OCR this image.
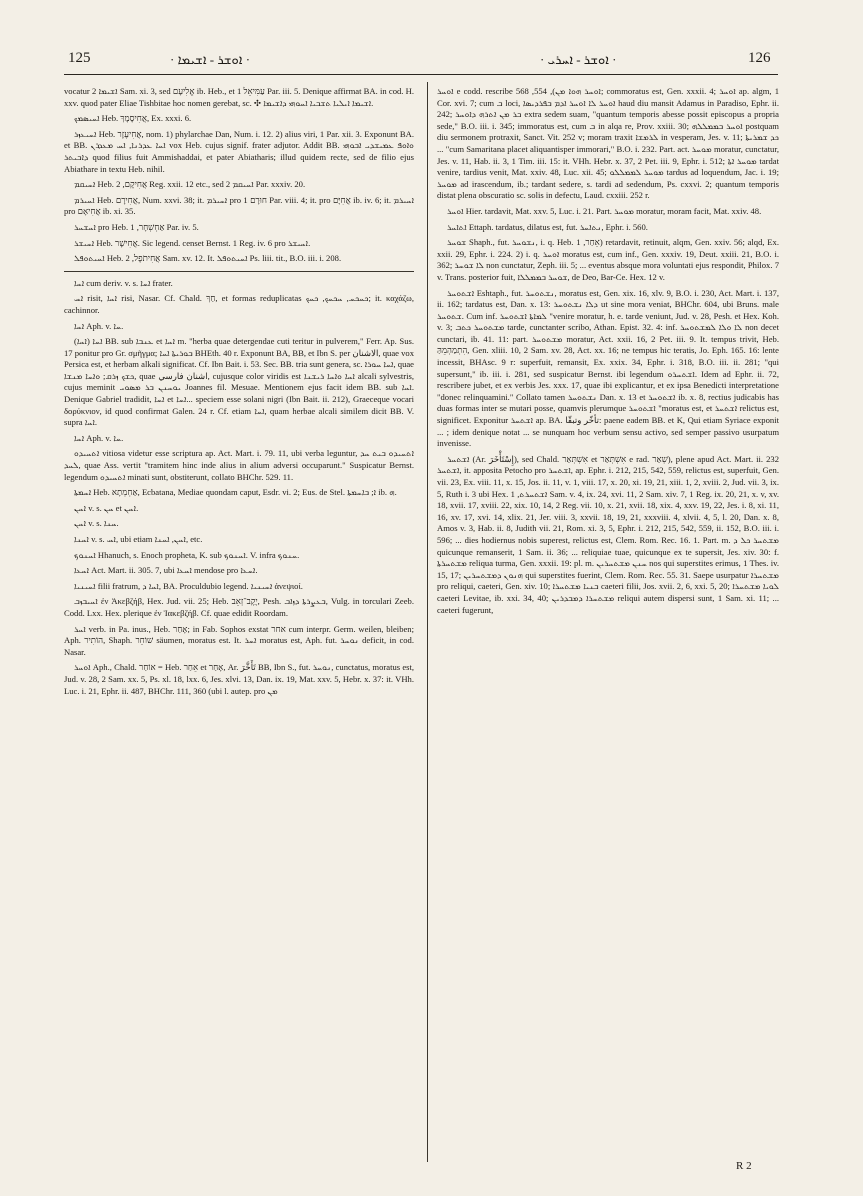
125	· ܐܘܫܪ - ܐܫܝܡܐ ·	· ܐܘܫܪ - ܐܚܪܝ ·	126

vocatur ܐܫܝܡܐ 2 Sam. xi. 3, sed אֱלִיעָם ib. Heb., et עַמִּיאֵל 1 Par. iii. 5. Denique affirmat BA. in cod. H. xxv. quod pater Eliae Tishbitae hoc nomen gerebat, sc. ✣ ܐܫܝܡܐ ܐܝܠܝܐ ܬܫܒܝܐ ܐܚܘܗܝ ܕܐܫܝܡܐ.

ܐܚܝܣܡܟ Heb. אֲחִיסָמָךְ, Ex. xxxi. 6.

ܐܚܝܥܙܪ Heb. אֲחִיעֶזֶר, nom. 1) phylarchae Dan, Num. i. 12. 2) alius viri, 1 Par. xii. 3. Exponunt BA. et BB. ܐܚܐ ܥܕܪܢܐ, ܐܚ ܡܥܕܪܢ vox Heb. cujus signif. frater adjutor. Addit BB. ܘܐܘܦ ܥܡܝܫܕܝ ܐܒܘܗܝ ܕܐܒܝܬܪ quod filius fuit Ammishaddai, et pater Abiatharis; illud quidem recte, sed de filio ejus Abiathare in textu Heb. nihil.

ܐܚܝܩܡ Heb. אֲחִיקָם, 2 Reg. xxii. 12 etc., sed ܐܚܝܩܡ 2 Par. xxxiv. 20.

ܐܚܝܪܡ Heb. אֲחִירָם, Num. xxvi. 38; it. ܐܚܝܪܡ pro חוּרָם 1 Par. viii. 4; it. pro אֲחִיָּם ib. iv. 6; it. ܐܚܝܪܡ pro אֲחִיאָם ib. xi. 35.

ܐܚܫܚܪ pro Heb. אַחְשְׁחָר, 1 Par. iv. 5.

ܐܚܝܫܪ Heb. אֲחִישָׁר. Sic legend. censet Bernst. 1 Reg. iv. 6 pro ܐܚܝܫܪ.

ܐܚܝܬܘܦܠ Heb. אֲחִיתֹפֶל, 2 Sam. xv. 12. It. ܐܚܝܬܘܦܠ Ps. liii. tit., B.O. iii. i. 208.

ܐܚܐ cum deriv. v. s. ܐܚܐ frater.

ܐܚ risit, ܐܚܐ risi, Nasar. Cf. Chald. חַךְ, et formas reduplicatas ܟܚܟܚ, ܚܟܚܟ, ܟܚܟ; it. καχάζω, cachinnor.

ܐܚܐ Aph. v. ܚܐ.

ܐܚܐ (ܐܚܐ) BB. sub ܥܢܒܐ et ܐܚܐ m. "herba quae detergendae cuti teritur in pulverem," Ferr. Ap. Sus. 17 ponitur pro Gr. σμῆγμα; ܒܘܪܝܬܐ ܐܚܐ BHEth. 40 r. Exponunt BA, BB, et Ibn S. per الاشنان, quae vox Persica est, et herbam alkali significat. Cf. Ibn Bait. i. 53. Sec. BB. tria sunt genera, sc. ܐܚܐ ܚܘܪܐ, quae ܟܫܟ ܙܪܩ; ܘܐܚܐ ܡܢܫܐ, quae اشنان فارسي, cujusque color viridis est ܐܚܐ ܘܐܚܐ ܪܝܫܢܐ alcali sylvestris, cujus meminit ܝܘܚܢܢ ܒܪ ܡܣܘܝ Joannes fil. Mesuae. Mentionem ejus facit idem BB. sub ܐܚܐ. Denique Gabriel tradidit, ܐܚܐ et ܐܚܐ... speciem esse solani nigri (Ibn Bait. ii. 212), Graeceque vocari δορύκνιον, id quod confirmat Galen. 24 r. Cf. etiam ܐܚܐ, quam herbae alcali similem dicit BB. V. supra ܐܚܐ.

ܐܚܐ Aph. v. ܚܐ.

ܐܬܚܝܕܘ vitiosa videtur esse scriptura ap. Act. Mart. i. 79. 11, ubi verba leguntur, ܐܬܚܝܕܘ ܒܝܬ ܚܕ ܠܚܕ, quae Ass. vertit "tramitem hinc inde alius in alium adversi occuparunt." Suspicatur Bernst. legendum ܐܬܚܝܕܘ minati sunt, obstiterunt, collato BHChr. 529. 11.

ܐܚܡܬܐ Heb. אַחְמְתָא, Ecbatana, Mediae quondam caput, Esdr. vi. 2; Eus. de Stel. ܐ; ܒܐܚܡܬܐ ib. ܗ.

ܐܚܢ v. s. ܚܢ et ܐܚܢ.

ܐܚܢ v. s. ܚܢܐ.

ܐܚܢܐ v. s. ܐܚ, ubi etiam ܐܚܢ, ܐܚܢܐ, etc.

ܐܚܢܘܟ Hhanuch, s. Enoch propheta, K. sub ܐܚܢܘܟ. V. infra ܚܢܘܟ.

ܐܚܥܐ Act. Mart. ii. 305. 7, ubi ܐܚܥܐ mendose pro ܐܚܥܐ.

ܐܚܝܢܝܐ filii fratrum, ܐܚܐ ܕ, BA. Proculdubio legend. ܐܚܝܢܝܐ ἀνεψιοί.

ܐܚܝܒܙܒ ἐν Ἀκεβζήβ, Hex. Jud. vii. 25; Heb. יֶקֶב־זְאֵב, Pesh. ܒܥܨܪܬܐ ܕܙܐܒ, Vulg. in torculari Zeeb. Codd. Lxx. Hex. plerique ἐν Ἰακεβζήβ. Cf. quae edidit Roordam.

ܐܚܪ verb. in Pa. inus., Heb. אָחַר; in Fab. Sophos exstat אחר cum interpr. Germ. weilen, bleiben; Aph. הוֹתִיר, Shaph. שׁוֹחֵר säumen, moratus est. It. ܐܚܪ moratus est, Aph. fut. ܢܘܚܪ deficit, in cod. Nasar.

ܐܘܚܪ Aph., Chald. אוֹחַר = Heb. אֵחַר et אָחַר, Ar. تَأَخَّرَ BB, Ibn S., fut. ܢܘܚܪ, cunctatus, moratus est, Jud. v. 28, 2 Sam. xx. 5, Ps. xl. 18, lxx. 6, Jes. xlvi. 13, Dan. ix. 19, Mat. xxv. 5, Hebr. x. 37: it. VHh. Luc. i. 21, Ephr. ii. 487, BHChr. 111, 360 (ubi l. autep. pro ܡܢ

ܐܘܚܪ e codd. rescribe ܐܘܚܪ ܗܘܐ ܡܢ), 554, 568; commoratus est, Gen. xxxii. 4; ܐܘܚܪ ap. algm, 1 Cor. xvi. 7; cum ܒ loci, ܐܘܚܪ ܠܐ ܐܘܚܪ ܐܕܡ ܒܦܪܕܝܣܐ haud diu mansit Adamus in Paradiso, Ephr. ii. 242; ܒܪ ܡܢ ܐܬܪܗ ܕܐܘܚܪ extra sedem suam, "quantum temporis abesse possit episcopus a propria sede," B.O. iii. i. 345; immoratus est, cum ܒ in alqa re, Prov. xxiii. 30; ܐܘܚܪ ܒܡܡܠܠܗ postquam diu sermonem protraxit, Sanct. Vit. 252 v; moram traxit ܠܪܡܫܐ in vesperam, Jes. v. 11; ܟܕ ܫܡܪܝܬܐ ... "cum Samaritana placet aliquantisper immorari," B.O. i. 232. Part. act. ܡܘܚܪ moratur, cunctatur, Jes. v. 11, Hab. ii. 3, 1 Tim. iii. 15: it. VHh. Hebr. x. 37, 2 Pet. iii. 9, Ephr. i. 512; ܡܘܚܪ ܐܬܐ tardat venire, tardius venit, Mat. xxiv. 48, Luc. xii. 45; ܡܘܚܪ ܠܡܡܠܠܘ tardus ad loquendum, Jac. i. 19; ܡܘܚܪ ad irascendum, ib.; tardant sedere, s. tardi ad sedendum, Ps. cxxvi. 2; quantum temporis distat plena obscuratio sc. solis in defectu, Laud. cxxiii. 252 r.

ܐܘܚܪ Hier. tardavit, Mat. xxv. 5, Luc. i. 21. Part. ܡܘܚܪ moratur, moram facit, Mat. xxiv. 48.

ܐܬܐܚܪ Ettaph. tardatus, dilatus est, fut. ܢܬܐܚܪ, Ephr. i. 560.

ܫܘܚܪ Shaph., fut. ܢܫܘܚܪ, i. q. Heb. אֵחַר, 1) retardavit, retinuit, alqm, Gen. xxiv. 56; alqd, Ex. xxii. 29, Ephr. i. 224. 2) i. q. ܐܘܚܪ moratus est, cum inf., Gen. xxxiv. 19, Deut. xxiii. 21, B.O. i. 362; ܠܐ ܫܘܚܪ non cunctatur, Zeph. iii. 5; ... eventus absque mora voluntati ejus respondit, Philox. 7 v. Trans. posterior fuit, ܫܘܚܪ ܒܡܡܠܠܐ, de Deo, Bar-Ce. Hex. 12 v.

ܐܫܬܘܚܪ Eshtaph., fut. ܢܫܬܘܚܪ, moratus est, Gen. xix. 16, xlv. 9, B.O. i. 230, Act. Mart. i. 137, ii. 162; tardatus est, Dan. x. 13: ܕܠܐ ܢܫܬܘܚܪ ut sine mora veniat, BHChr. 604, ubi Bruns. male ܫܬܘܚܪ. Cum inf. ܠܡܐܬܐ ܐܫܬܘܚܪ "venire moratur, h. e. tarde veniunt, Jud. v. 28, Pesh. et Hex. Koh. v. 3; ܡܫܬܘܚܪ ܟܬܒ tarde, cunctanter scribo, Athan. Epist. 32. 4: inf. ܠܐ ܘܠܐ ܠܡܫܬܘܚܪ non decet cunctari, ib. 41. 11: part. ܡܫܬܘܚܪ moratur, Act. xxii. 16, 2 Pet. iii. 9. It. tempus trivit, Heb. הִתְמַהְמֵהַּ, Gen. xliii. 10, 2 Sam. xv. 28, Act. xx. 16; ne tempus hic teratis, Jo. Eph. 165. 16: lente incessit, BHAsc. 9 r: superfuit, remansit, Ex. xxix. 34, Ephr. i. 318, B.O. iii. ii. 281; "qui supersunt," ib. iii. i. 281, sed suspicatur Bernst. ibi legendum ܐܫܬܚܪܘ. Idem ad Ephr. ii. 72, rescribere jubet, et ex verbis Jes. xxx. 17, quae ibi explicantur, et ex ipsa Benedicti interpretatione "donec relinquamini." Collato tamen ܢܫܬܘܚܪ Dan. x. 13 et ܐܫܬܘܚܪ ib. x. 8, rectius judicabis has duas formas inter se mutari posse, quamvis plerumque ܐܫܬܘܚܪ "moratus est, et ܐܫܬܚܪ relictus est, significet. Exponitur ܐܫܬܚܪ ap. BA. تأخّر وتبقّا: paene eadem BB. et K, Qui etiam Syriace exponit ... ; idem denique notat ... se nunquam hoc verbum sensu activo, sed semper passivo usurpatum invenisse.

ܐܫܬܚܪ (Ar. إِسْتَأْخَرَ), sed Chald. אִשְׁתְּאַר et אִשְׁתְּאַר e rad. שְׁאַר), plene apud Act. Mart. ii. 232 ܐܫܬܚܪ, it. apposita Petocho pro ܐܫܬܚܪ, ap. Ephr. i. 212, 215, 542, 559, relictus est, superfuit, Gen. vii. 23, Ex. viii. 11, x. 15, Jos. ii. 11, v. 1, viii. 17, x. 20, xi. 19, 21, xiii. 1, 2, xviii. 2, Jud. vii. 3, ix. 5, Ruth i. 3 ubi Hex. ܐܫܬܚܪܬ, 1 Sam. v. 4, ix. 24, xvi. 11, 2 Sam. xiv. 7, 1 Reg. ix. 20, 21, x. v, xv. 18, xvii. 17, xviii. 22, xix. 10, 14, 2 Reg. vii. 10, x. 21, xvii. 18, xix. 4, xxv. 19, 22, Jes. i. 8, xi. 11, 16, xv. 17, xvi. 14, xlix. 21, Jer. viii. 3, xxvii. 18, 19, 21, xxxviii. 4, xlvii. 4, 5, l. 20, Dan. x. 8, Amos v. 3, Hab. ii. 8, Judith vii. 21, Rom. xi. 3, 5, Ephr. i. 212, 215, 542, 559, ii. 152, B.O. iii. i. 596; ... dies hodiernus nobis superest, relictus est, Clem. Rom. Rec. 16. 1. Part. m. ܡܫܬܚܪ ܟܠ ܕ quicunque remanserit, 1 Sam. ii. 36; ... reliquiae tuae, quicunque ex te supersit, Jes. xiv. 30: f. ܡܫܬܚܪܬܐ reliqua turma, Gen. xxxii. 19: pl. m. ܚܢܢ ܡܫܬܚܪܝܢ nos qui superstites erimus, 1 Thes. iv. 15, 17; ܗܢܘܢ ܕܡܫܬܚܪܝܢ qui superstites fuerint, Clem. Rom. Rec. 55. 31. Saepe usurpatur ܡܫܬܚܪܐ pro reliqui, caeteri, Gen. xiv. 10; ܒܢܝܐ ܡܫܬܚܪܐ caeteri filii, Jos. xvii. 2, 6, xxi. 5, 20; ܠܘܝܐ ܡܫܬܚܪܐ caeteri Levitae, ib. xxi. 34, 40; ܡܫܬܚܪܐ ܕܡܒܕܪܝܢ reliqui autem dispersi sunt, 1 Sam. xi. 11; ... caeteri fugerunt,

R 2
